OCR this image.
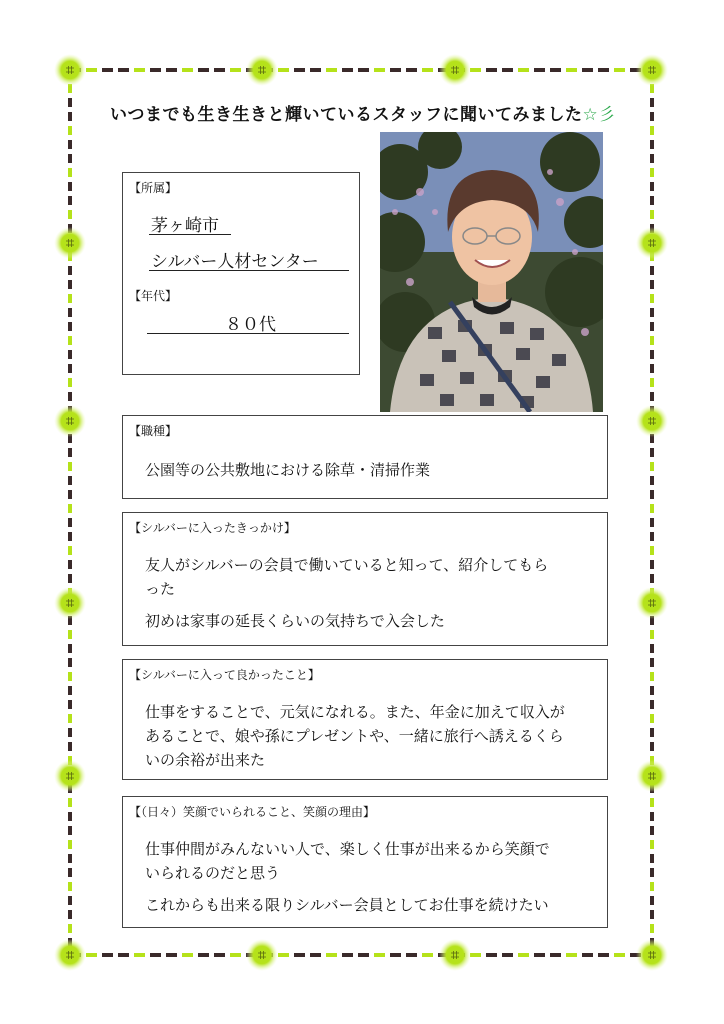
いつまでも生き生きと輝いているスタッフに聞いてみました☆彡
【所属】
茅ヶ崎市
シルバー人材センター
【年代】
８０代
【職種】
公園等の公共敷地における除草・清掃作業
【シルバーに入ったきっかけ】
友人がシルバーの会員で働いていると知って、紹介してもら
った
初めは家事の延長くらいの気持ちで入会した
【シルバーに入って良かったこと】
仕事をすることで、元気になれる。また、年金に加えて収入が
あることで、娘や孫にプレゼントや、一緒に旅行へ誘えるくら
いの余裕が出来た
【（日々）笑顔でいられること、笑顔の理由】
仕事仲間がみんないい人で、楽しく仕事が出来るから笑顔で
いられるのだと思う
これからも出来る限りシルバー会員としてお仕事を続けたい
